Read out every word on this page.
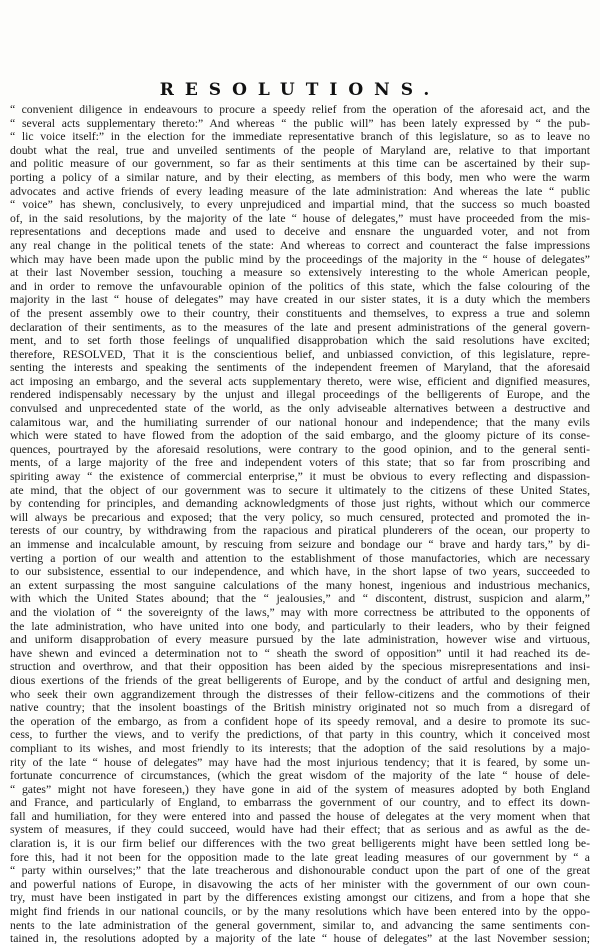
RESOLUTIONS.
“ convenient diligence in endeavours to procure a speedy relief from the operation of the aforesaid act, and the
“ several acts supplementary thereto:” And whereas “ the public will” has been lately expressed by “ the pub-
“ lic voice itself:” in the election for the immediate representative branch of this legislature, so as to leave no
doubt what the real, true and unveiled sentiments of the people of Maryland are, relative to that important
and politic measure of our government, so far as their sentiments at this time can be ascertained by their sup-
porting a policy of a similar nature, and by their electing, as members of this body, men who were the warm
advocates and active friends of every leading measure of the late administration: And whereas the late “ public
“ voice” has shewn, conclusively, to every unprejudiced and impartial mind, that the success so much boasted
of, in the said resolutions, by the majority of the late “ house of delegates,” must have proceeded from the mis-
representations and deceptions made and used to deceive and ensnare the unguarded voter, and not from
any real change in the political tenets of the state: And whereas to correct and counteract the false impressions
which may have been made upon the public mind by the proceedings of the majority in the “ house of delegates”
at their last November session, touching a measure so extensively interesting to the whole American people,
and in order to remove the unfavourable opinion of the politics of this state, which the false colouring of the
majority in the last “ house of delegates” may have created in our sister states, it is a duty which the members
of the present assembly owe to their country, their constituents and themselves, to express a true and solemn
declaration of their sentiments, as to the measures of the late and present administrations of the general govern-
ment, and to set forth those feelings of unqualified disapprobation which the said resolutions have excited;
therefore, RESOLVED, That it is the conscientious belief, and unbiassed conviction, of this legislature, repre-
senting the interests and speaking the sentiments of the independent freemen of Maryland, that the aforesaid
act imposing an embargo, and the several acts supplementary thereto, were wise, efficient and dignified measures,
rendered indispensably necessary by the unjust and illegal proceedings of the belligerents of Europe, and the
convulsed and unprecedented state of the world, as the only adviseable alternatives between a destructive and
calamitous war, and the humiliating surrender of our national honour and independence; that the many evils
which were stated to have flowed from the adoption of the said embargo, and the gloomy picture of its conse-
quences, pourtrayed by the aforesaid resolutions, were contrary to the good opinion, and to the general senti-
ments, of a large majority of the free and independent voters of this state; that so far from proscribing and
spiriting away “ the existence of commercial enterprise,” it must be obvious to every reflecting and dispassion-
ate mind, that the object of our government was to secure it ultimately to the citizens of these United States,
by contending for principles, and demanding acknowledgments of those just rights, without which our commerce
will always be precarious and exposed; that the very policy, so much censured, protected and promoted the in-
terests of our country, by withdrawing from the rapacious and piratical plunderers of the ocean, our property to
an immense and incalculable amount, by rescuing from seizure and bondage our “ brave and hardy tars,” by di-
verting a portion of our wealth and attention to the establishment of those manufactories, which are necessary
to our subsistence, essential to our independence, and which have, in the short lapse of two years, succeeded to
an extent surpassing the most sanguine calculations of the many honest, ingenious and industrious mechanics,
with which the United States abound; that the “ jealousies,” and “ discontent, distrust, suspicion and alarm,”
and the violation of “ the sovereignty of the laws,” may with more correctness be attributed to the opponents of
the late administration, who have united into one body, and particularly to their leaders, who by their feigned
and uniform disapprobation of every measure pursued by the late administration, however wise and virtuous,
have shewn and evinced a determination not to “ sheath the sword of opposition” until it had reached its de-
struction and overthrow, and that their opposition has been aided by the specious misrepresentations and insi-
dious exertions of the friends of the great belligerents of Europe, and by the conduct of artful and designing men,
who seek their own aggrandizement through the distresses of their fellow-citizens and the commotions of their
native country; that the insolent boastings of the British ministry originated not so much from a disregard of
the operation of the embargo, as from a confident hope of its speedy removal, and a desire to promote its suc-
cess, to further the views, and to verify the predictions, of that party in this country, which it conceived most
compliant to its wishes, and most friendly to its interests; that the adoption of the said resolutions by a majo-
rity of the late “ house of delegates” may have had the most injurious tendency; that it is feared, by some un-
fortunate concurrence of circumstances, (which the great wisdom of the majority of the late “ house of dele-
“ gates” might not have foreseen,) they have gone in aid of the system of measures adopted by both England
and France, and particularly of England, to embarrass the government of our country, and to effect its down-
fall and humiliation, for they were entered into and passed the house of delegates at the very moment when that
system of measures, if they could succeed, would have had their effect; that as serious and as awful as the de-
claration is, it is our firm belief our differences with the two great belligerents might have been settled long be-
fore this, had it not been for the opposition made to the late great leading measures of our government by “ a
“ party within ourselves;” that the late treacherous and dishonourable conduct upon the part of one of the great
and powerful nations of Europe, in disavowing the acts of her minister with the government of our own coun-
try, must have been instigated in part by the differences existing amongst our citizens, and from a hope that she
might find friends in our national councils, or by the many resolutions which have been entered into by the oppo-
nents to the late administration of the general government, similar to, and advancing the same sentiments con-
tained in, the resolutions adopted by a majority of the late “ house of delegates” at the last November session;
